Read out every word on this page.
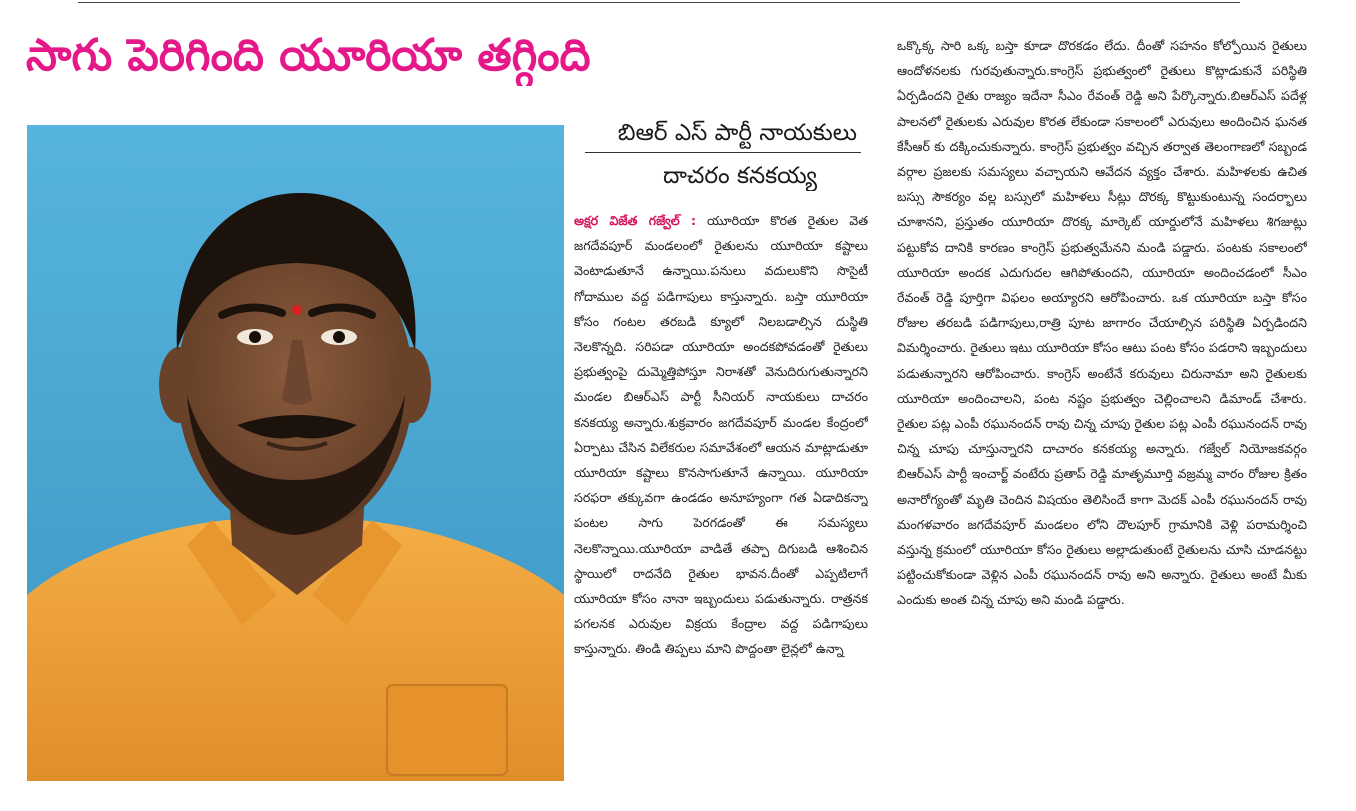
సాగు పెరిగింది యూరియా తగ్గింది

బిఆర్ ఎస్ పార్టీ నాయకులు

దాచరం కనకయ్య

అక్షర విజేత గజ్వేల్ : యూరియా కొరత రైతుల వెత జగదేవపూర్ మండలంలో రైతులను యూరియా కష్టాలు వెంటాడుతూనే ఉన్నాయి.పనులు వదులుకొని సొసైటీ గోదాముల వద్ద పడిగాపులు కాస్తున్నారు. బస్తా యూరియా కోసం గంటల తరబడి క్యూలో నిలబడాల్సిన దుస్థితి నెలకొన్నది. సరిపడా యూరియా అందకపోవడంతో రైతులు ప్రభుత్వంపై దుమ్మెత్తిపోస్తూ నిరాశతో వెనుదిరుగుతున్నారని మండల బిఆర్ఎస్ పార్టీ సీనియర్ నాయకులు దాచరం కనకయ్య అన్నారు.శుక్రవారం జగదేవపూర్ మండల కేంద్రంలో ఏర్పాటు చేసిన విలేకరుల సమావేశంలో ఆయన మాట్లాడుతూ యూరియా కష్టాలు కొనసాగుతూనే ఉన్నాయి. యూరియా సరఫరా తక్కువగా ఉండడం అనూహ్యంగా గత ఏడాదికన్నా పంటల సాగు పెరగడంతో ఈ సమస్యలు నెలకొన్నాయి.యూరియా వాడితే తప్పా దిగుబడి ఆశించిన స్థాయిలో రాదనేది రైతుల భావన.దీంతో ఎప్పటిలాగే యూరియా కోసం నానా ఇబ్బందులు పడుతున్నారు. రాత్రనక పగలనక ఎరువుల విక్రయ కేంద్రాల వద్ద పడిగాపులు కాస్తున్నారు. తిండి తిప్పలు మాని పొద్దంతా లైన్లలో ఉన్నా

ఒక్కొక్క సారి ఒక్క బస్తా కూడా దొరకడం లేదు. దీంతో సహనం కోల్పోయిన రైతులు ఆందోళనలకు గురవుతున్నారు.కాంగ్రెస్ ప్రభుత్వంలో రైతులు కొట్లాడుకునే పరిస్థితి ఏర్పడిందని రైతు రాజ్యం ఇదేనా సీఎం రేవంత్ రెడ్డి అని పేర్కొన్నారు.బిఆర్ఎస్ పదేళ్ల పాలనలో రైతులకు ఎరువుల కొరత లేకుండా సకాలంలో ఎరువులు అందించిన ఘనత కేసీఆర్ కు దక్కించుకున్నారు. కాంగ్రెస్ ప్రభుత్వం వచ్చిన తర్వాత తెలంగాణలో సబ్బండ వర్గాల ప్రజలకు సమస్యలు వచ్చాయని ఆవేదన వ్యక్తం చేశారు. మహిళలకు ఉచిత బస్సు సౌకర్యం వల్ల బస్సులో మహిళలు సీట్లు దొరక్క కొట్టుకుంటున్న సందర్భాలు చూశానని, ప్రస్తుతం యూరియా దొరక్క మార్కెట్ యార్డులోనే మహిళలు శిగజుట్లు పట్టుకోవ దానికి కారణం కాంగ్రెస్ ప్రభుత్వమేనని మండి పడ్డారు. పంటకు సకాలంలో యూరియా అందక ఎదుగుదల ఆగిపోతుందని, యూరియా అందించడంలో సీఎం రేవంత్ రెడ్డి పూర్తిగా విఫలం అయ్యారని ఆరోపించారు. ఒక యూరియా బస్తా కోసం రోజుల తరబడి పడిగాపులు,రాత్రి పూట జాగారం చేయాల్సిన పరిస్థితి ఏర్పడిందని విమర్శించారు. రైతులు ఇటు యూరియా కోసం ఆటు పంట కోసం పడరాని ఇబ్బందులు పడుతున్నారని ఆరోపించారు. కాంగ్రెస్ అంటేనే కరువులు చిరునామా అని రైతులకు యూరియా అందించాలని, పంట నష్టం ప్రభుత్వం చెల్లించాలని డిమాండ్ చేశారు. రైతుల పట్ల ఎంపీ రఘునందన్ రావు చిన్న చూపు రైతుల పట్ల ఎంపీ రఘునందన్ రావు చిన్న చూపు చూస్తున్నారని దాచారం కనకయ్య అన్నారు. గజ్వేల్ నియోజకవర్గం బిఆర్ఎస్ పార్టీ ఇంచార్జ్ వంటేరు ప్రతాప్ రెడ్డి మాతృమూర్తి వజ్రమ్మ వారం రోజుల క్రితం అనారోగ్యంతో మృతి చెందిన విషయం తెలిసిందే కాగా మెదక్ ఎంపీ రఘునందన్ రావు మంగళవారం జగదేవపూర్ మండలం లోని దౌలపూర్ గ్రామానికి వెళ్లి పరామర్శించి వస్తున్న క్రమంలో యూరియా కోసం రైతులు అల్లాడుతుంటే రైతులను చూసి చూడనట్టు పట్టించుకోకుండా వెళ్లిన ఎంపీ రఘునందన్ రావు అని అన్నారు. రైతులు అంటే మీకు ఎందుకు అంత చిన్న చూపు అని మండి పడ్డారు.
